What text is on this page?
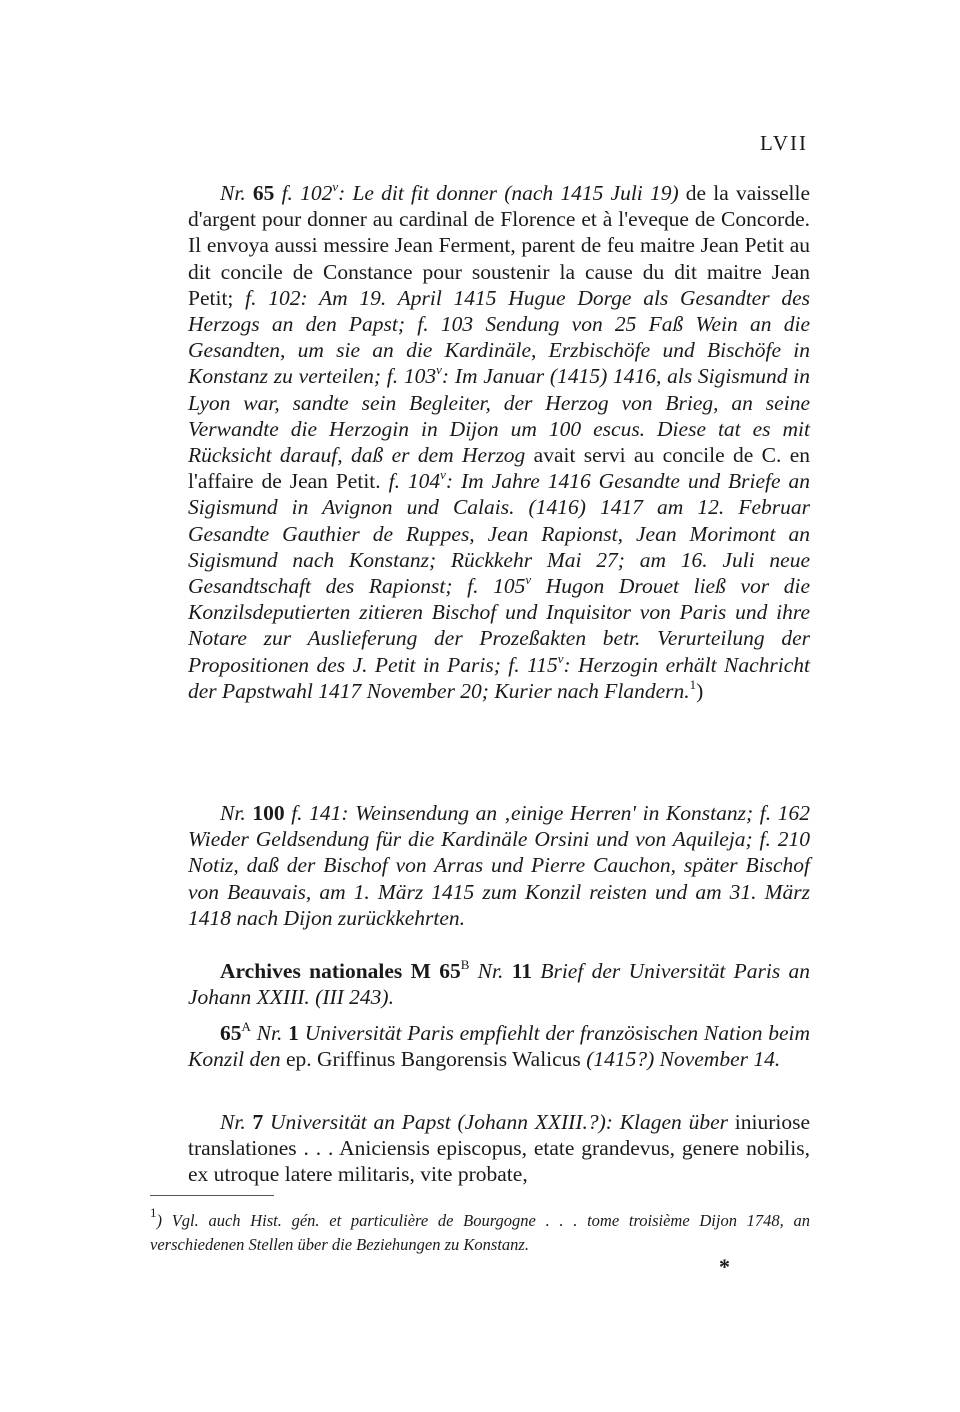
LVII

Nr. 65 f. 102$^v$: Le dit fit donner (nach 1415 Juli 19) de la vaisselle d'argent pour donner au cardinal de Florence et à l'eveque de Concorde. Il envoya aussi messire Jean Ferment, parent de feu maitre Jean Petit au dit concile de Constance pour soustenir la cause du dit maitre Jean Petit; f. 102: Am 19. April 1415 Hugue Dorge als Gesandter des Herzogs an den Papst; f. 103 Sendung von 25 Faß Wein an die Gesandten, um sie an die Kardinäle, Erzbischöfe und Bischöfe in Konstanz zu verteilen; f. 103$^v$: Im Januar (1415) 1416, als Sigismund in Lyon war, sandte sein Begleiter, der Herzog von Brieg, an seine Verwandte die Herzogin in Dijon um 100 escus. Diese tat es mit Rücksicht darauf, daß er dem Herzog avait servi au concile de C. en l'affaire de Jean Petit. f. 104$^v$: Im Jahre 1416 Gesandte und Briefe an Sigismund in Avignon und Calais. (1416) 1417 am 12. Februar Gesandte Gauthier de Ruppes, Jean Rapionst, Jean Morimont an Sigismund nach Konstanz; Rückkehr Mai 27; am 16. Juli neue Gesandtschaft des Rapionst; f. 105$^v$ Hugon Drouet ließ vor die Konzilsdeputierten zitieren Bischof und Inquisitor von Paris und ihre Notare zur Auslieferung der Prozeßakten betr. Verurteilung der Propositionen des J. Petit in Paris; f. 115$^v$: Herzogin erhält Nachricht der Papstwahl 1417 November 20; Kurier nach Flandern.$^1$)

Nr. 100 f. 141: Weinsendung an ‚einige Herren' in Konstanz; f. 162 Wieder Geldsendung für die Kardinäle Orsini und von Aquileja; f. 210 Notiz, daß der Bischof von Arras und Pierre Cauchon, später Bischof von Beauvais, am 1. März 1415 zum Konzil reisten und am 31. März 1418 nach Dijon zurückkehrten.

Archives nationales M $65^B$ Nr. 11 Brief der Universität Paris an Johann XXIII. (III 243).

$65^A$ Nr. 1 Universität Paris empfiehlt der französischen Nation beim Konzil den ep. Griffinus Bangorensis Walicus (1415?) November 14.

Nr. 7 Universität an Papst (Johann XXIII.?): Klagen über iniuriose translationes . . . Aniciensis episcopus, etate grandevus, genere nobilis, ex utroque latere militaris, vite probate,

$^1$) Vgl. auch Hist. gén. et particulière de Bourgogne . . . tome troisième Dijon 1748, an verschiedenen Stellen über die Beziehungen zu Konstanz.
*
